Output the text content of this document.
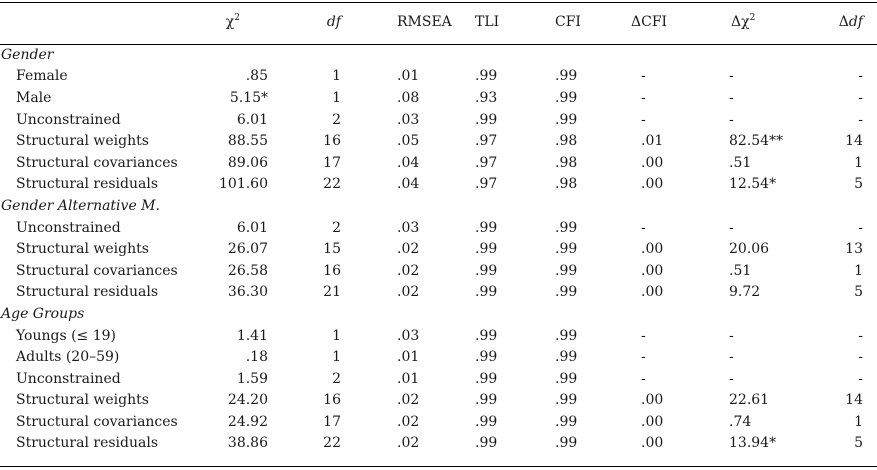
	$\chi^2$	df	RMSEA	TLI	CFI	ΔCFI	$\Delta\chi^2$	Δdf
Gender								
Female	.85	1	.01	.99	.99	-	-	-
Male	5.15*	1	.08	.93	.99	-	-	-
Unconstrained	6.01	2	.03	.99	.99	-	-	-
Structural weights	88.55	16	.05	.97	.98	.01	82.54**	14
Structural covariances	89.06	17	.04	.97	.98	.00	.51	1
Structural residuals	101.60	22	.04	.97	.98	.00	12.54*	5
Gender Alternative M.								
Unconstrained	6.01	2	.03	.99	.99	-	-	-
Structural weights	26.07	15	.02	.99	.99	.00	20.06	13
Structural covariances	26.58	16	.02	.99	.99	.00	.51	1
Structural residuals	36.30	21	.02	.99	.99	.00	9.72	5
Age Groups								
Youngs (≤ 19)	1.41	1	.03	.99	.99	-	-	-
Adults (20–59)	.18	1	.01	.99	.99	-	-	-
Unconstrained	1.59	2	.01	.99	.99	-	-	-
Structural weights	24.20	16	.02	.99	.99	.00	22.61	14
Structural covariances	24.92	17	.02	.99	.99	.00	.74	1
Structural residuals	38.86	22	.02	.99	.99	.00	13.94*	5
